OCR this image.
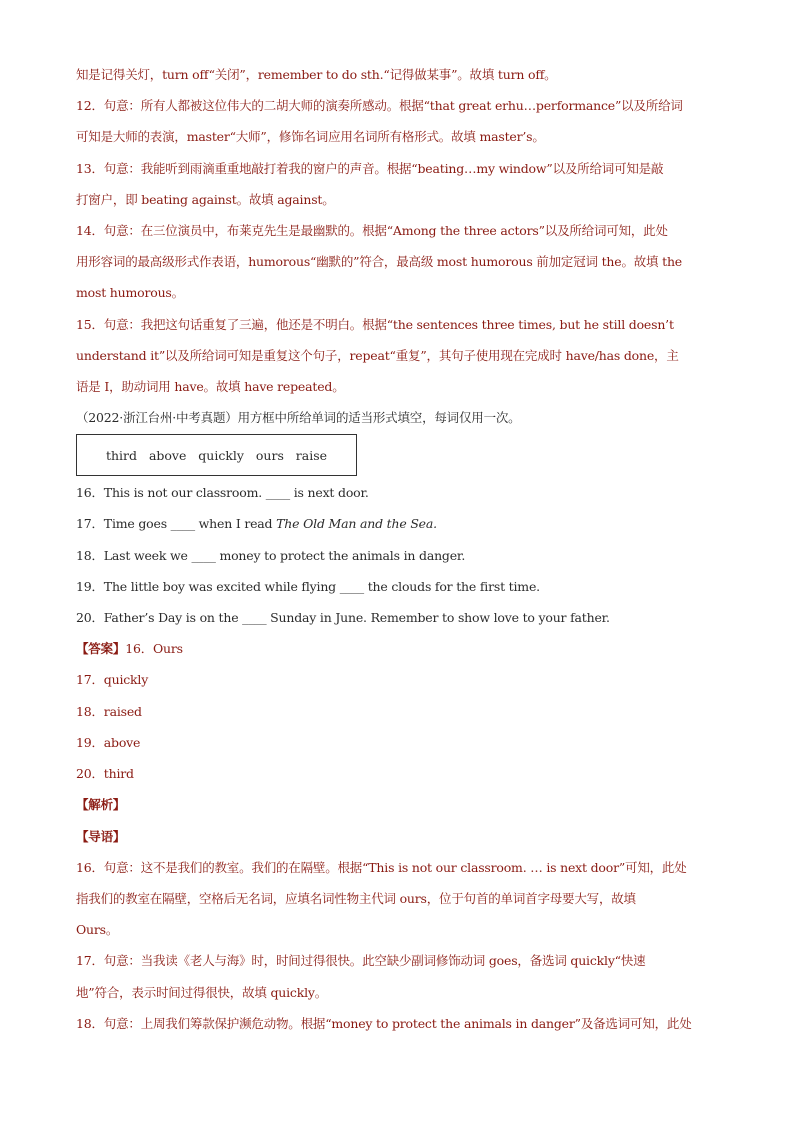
知是记得关灯，turn off“关闭”，remember to do sth.“记得做某事”。故填 turn off。
12．句意：所有人都被这位伟大的二胡大师的演奏所感动。根据“that great erhu…performance”以及所给词
可知是大师的表演，master“大师”，修饰名词应用名词所有格形式。故填 master’s。
13．句意：我能听到雨滴重重地敲打着我的窗户的声音。根据“beating…my window”以及所给词可知是敲
打窗户，即 beating against。故填 against。
14．句意：在三位演员中，布莱克先生是最幽默的。根据“Among the three actors”以及所给词可知，此处
用形容词的最高级形式作表语，humorous“幽默的”符合，最高级 most humorous 前加定冠词 the。故填 the
most humorous。
15．句意：我把这句话重复了三遍，他还是不明白。根据“the sentences three times, but he still doesn’t
understand it”以及所给词可知是重复这个句子，repeat“重复”，其句子使用现在完成时 have/has done，主
语是 I，助动词用 have。故填 have repeated。
（2022·浙江台州·中考真题）用方框中所给单词的适当形式填空，每词仅用一次。
third   above   quickly   ours   raise
16．This is not our classroom. ____ is next door.
17．Time goes ____ when I read The Old Man and the Sea.
18．Last week we ____ money to protect the animals in danger.
19．The little boy was excited while flying ____ the clouds for the first time.
20．Father’s Day is on the ____ Sunday in June. Remember to show love to your father.
【答案】16．Ours
17．quickly
18．raised
19．above
20．third
【解析】
【导语】
16．句意：这不是我们的教室。我们的在隔壁。根据“This is not our classroom. … is next door”可知，此处
指我们的教室在隔壁，空格后无名词，应填名词性物主代词 ours，位于句首的单词首字母要大写，故填
Ours。
17．句意：当我读《老人与海》时，时间过得很快。此空缺少副词修饰动词 goes，备选词 quickly“快速
地”符合，表示时间过得很快，故填 quickly。
18．句意：上周我们筹款保护濒危动物。根据“money to protect the animals in danger”及备选词可知，此处
